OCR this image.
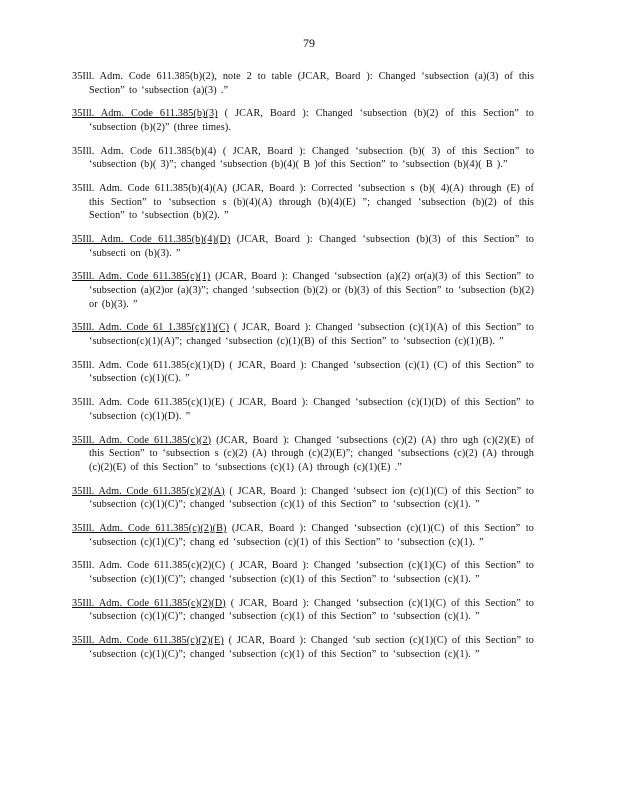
79

35Ill. Adm. Code 611.385(b)(2), note 2 to table (JCAR, Board ): Changed ‘subsection (a)(3) of this Section” to ‘subsection (a)(3) .”

35Ill. Adm. Code 611.385(b)(3) ( JCAR, Board ): Changed ‘subsection (b)(2) of this Section” to ‘subsection (b)(2)” (three times).

35Ill. Adm. Code 611.385(b)(4) ( JCAR, Board ): Changed ‘subsection (b)( 3) of this Section” to ‘subsection (b)( 3)”; changed ‘subsection (b)(4)( B )of this Section” to ‘subsection (b)(4)( B ).”

35Ill. Adm. Code 611.385(b)(4)(A) (JCAR, Board ): Corrected ‘subsection s (b)( 4)(A) through (E) of this Section” to ‘subsection s (b)(4)(A) through (b)(4)(E) ”; changed ‘subsection (b)(2) of this Section” to ‘subsection (b)(2). ”

35Ill. Adm. Code 611.385(b)(4)(D) (JCAR, Board ): Changed ‘subsection (b)(3) of this Section” to ‘subsecti on (b)(3). ”

35Ill. Adm. Code 611.385(c)(1) (JCAR, Board ): Changed ‘subsection (a)(2) or(a)(3) of this Section” to ‘subsection (a)(2)or (a)(3)”; changed ‘subsection (b)(2) or (b)(3) of this Section” to ‘subsection (b)(2) or (b)(3). ”

35Ill. Adm. Code 61 1.385(c)(1)(C) ( JCAR, Board ): Changed ‘subsection (c)(1)(A) of this Section” to ‘subsection(c)(1)(A)”; changed ‘subsection (c)(1)(B) of this Section” to ‘subsection (c)(1)(B). ”

35Ill. Adm. Code 611.385(c)(1)(D) ( JCAR, Board ): Changed ‘subsection (c)(1) (C) of this Section” to ‘subsection (c)(1)(C). ”

35Ill. Adm. Code 611.385(c)(1)(E) ( JCAR, Board ): Changed ‘subsection (c)(1)(D) of this Section” to ‘subsection (c)(1)(D). ”

35Ill. Adm. Code 611.385(c)(2) (JCAR, Board ): Changed ‘subsections (c)(2) (A) thro ugh (c)(2)(E) of this Section” to ‘subsection s (c)(2) (A) through (c)(2)(E)”; changed ‘subsections (c)(2) (A) through (c)(2)(E) of this Section” to ‘subsections (c)(1) (A) through (c)(1)(E) .”

35Ill. Adm. Code 611.385(c)(2)(A) ( JCAR, Board ): Changed ‘subsect ion (c)(1)(C) of this Section” to ‘subsection (c)(1)(C)”; changed ‘subsection (c)(1) of this Section” to ‘subsection (c)(1). ”

35Ill. Adm. Code 611.385(c)(2)(B) (JCAR, Board ): Changed ‘subsection (c)(1)(C) of this Section” to ‘subsection (c)(1)(C)”; chang ed ‘subsection (c)(1) of this Section” to ‘subsection (c)(1). ”

35Ill. Adm. Code 611.385(c)(2)(C) ( JCAR, Board ): Changed ‘subsection (c)(1)(C) of this Section” to ‘subsection (c)(1)(C)”; changed ‘subsection (c)(1) of this Section” to ‘subsection (c)(1). ”

35Ill. Adm. Code 611.385(c)(2)(D) ( JCAR, Board ): Changed ‘subsection (c)(1)(C) of this Section” to ‘subsection (c)(1)(C)”; changed ‘subsection (c)(1) of this Section” to ‘subsection (c)(1). ”

35Ill. Adm. Code 611.385(c)(2)(E) ( JCAR, Board ): Changed ‘sub section (c)(1)(C) of this Section” to ‘subsection (c)(1)(C)”; changed ‘subsection (c)(1) of this Section” to ‘subsection (c)(1). ”
